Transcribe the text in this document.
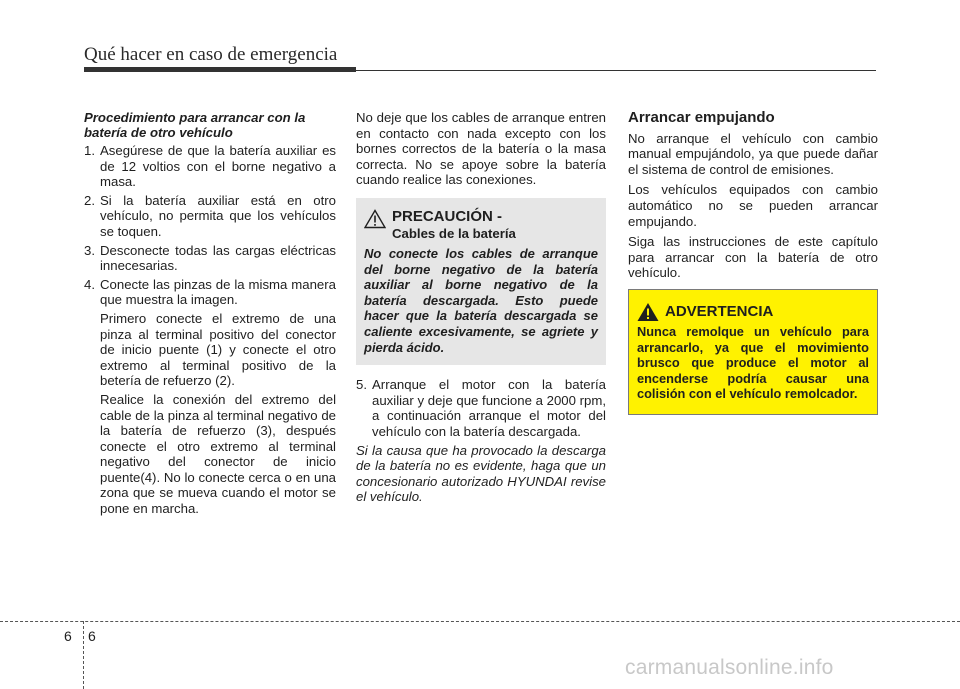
Qué hacer en caso de emergencia
Procedimiento para arrancar con la batería de otro vehículo
1. Asegúrese de que la batería auxiliar es de 12 voltios con el borne negativo a masa.
2. Si la batería auxiliar está en otro vehículo, no permita que los vehículos se toquen.
3. Desconecte todas las cargas eléctricas innecesarias.
4. Conecte las pinzas de la misma manera que muestra la imagen.
Primero conecte el extremo de una pinza al terminal positivo del conector de inicio puente (1) y conecte el otro extremo al terminal positivo de la betería de refuerzo (2).
Realice la conexión del extremo del cable de la pinza al terminal negativo de la batería de refuerzo (3), después conecte el otro extremo al terminal negativo del conector de inicio puente(4). No lo conecte cerca o en una zona que se mueva cuando el motor se pone en marcha.
No deje que los cables de arranque entren en contacto con nada excepto con los bornes correctos de la batería o la masa correcta. No se apoye sobre la batería cuando realice las conexiones.
PRECAUCIÓN -
Cables de la batería
No conecte los cables de arranque del borne negativo de la batería auxiliar al borne negativo de la batería descargada. Esto puede hacer que la batería descargada se caliente excesivamente, se agriete y pierda ácido.
5. Arranque el motor con la batería auxiliar y deje que funcione a 2000 rpm, a continuación arranque el motor del vehículo con la batería descargada.
Si la causa que ha provocado la descarga de la batería no es evidente, haga que un concesionario autorizado HYUNDAI revise el vehículo.
Arrancar empujando
No arranque el vehículo con cambio manual empujándolo, ya que puede dañar el sistema de control de emisiones.
Los vehículos equipados con cambio automático no se pueden arrancar empujando.
Siga las instrucciones de este capítulo para arrancar con la batería de otro vehículo.
ADVERTENCIA
Nunca remolque un vehículo para arrancarlo, ya que el movimiento brusco que produce el motor al encenderse podría causar una colisión con el vehículo remolcador.
6 6
carmanualsonline.info
